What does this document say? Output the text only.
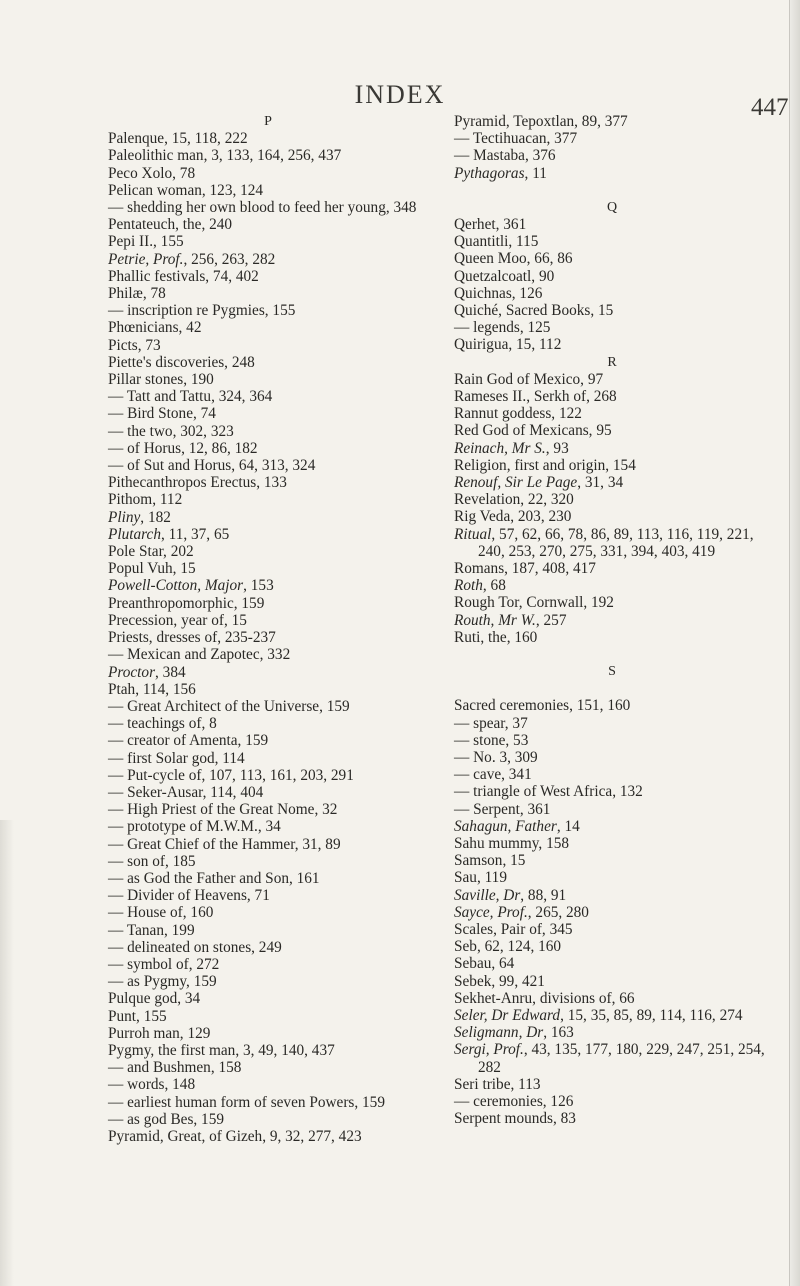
INDEX	447
P
Palenque, 15, 118, 222
Paleolithic man, 3, 133, 164, 256, 437
Peco Xolo, 78
Pelican woman, 123, 124
— shedding her own blood to feed her young, 348
Pentateuch, the, 240
Pepi II., 155
Petrie, Prof., 256, 263, 282
Phallic festivals, 74, 402
Philæ, 78
— inscription re Pygmies, 155
Phœnicians, 42
Picts, 73
Piette's discoveries, 248
Pillar stones, 190
— Tatt and Tattu, 324, 364
— Bird Stone, 74
— the two, 302, 323
— of Horus, 12, 86, 182
— of Sut and Horus, 64, 313, 324
Pithecanthropos Erectus, 133
Pithom, 112
Pliny, 182
Plutarch, 11, 37, 65
Pole Star, 202
Popul Vuh, 15
Powell-Cotton, Major, 153
Preanthropomorphic, 159
Precession, year of, 15
Priests, dresses of, 235-237
— Mexican and Zapotec, 332
Proctor, 384
Ptah, 114, 156
— Great Architect of the Universe, 159
— teachings of, 8
— creator of Amenta, 159
— first Solar god, 114
— Put-cycle of, 107, 113, 161, 203, 291
— Seker-Ausar, 114, 404
— High Priest of the Great Nome, 32
— prototype of M.W.M., 34
— Great Chief of the Hammer, 31, 89
— son of, 185
— as God the Father and Son, 161
— Divider of Heavens, 71
— House of, 160
— Tanan, 199
— delineated on stones, 249
— symbol of, 272
— as Pygmy, 159
Pulque god, 34
Punt, 155
Purroh man, 129
Pygmy, the first man, 3, 49, 140, 437
— and Bushmen, 158
— words, 148
— earliest human form of seven Powers, 159
— as god Bes, 159
Pyramid, Great, of Gizeh, 9, 32, 277, 423
Pyramid, Tepoxtlan, 89, 377
— Tectihuacan, 377
— Mastaba, 376
Pythagoras, 11
Q
Qerhet, 361
Quantitli, 115
Queen Moo, 66, 86
Quetzalcoatl, 90
Quichnas, 126
Quiché, Sacred Books, 15
— legends, 125
Quirigua, 15, 112
R
Rain God of Mexico, 97
Rameses II., Serkh of, 268
Rannut goddess, 122
Red God of Mexicans, 95
Reinach, Mr S., 93
Religion, first and origin, 154
Renouf, Sir Le Page, 31, 34
Revelation, 22, 320
Rig Veda, 203, 230
Ritual, 57, 62, 66, 78, 86, 89, 113, 116, 119, 221, 240, 253, 270, 275, 331, 394, 403, 419
Romans, 187, 408, 417
Roth, 68
Rough Tor, Cornwall, 192
Routh, Mr W., 257
Ruti, the, 160
S
Sacred ceremonies, 151, 160
— spear, 37
— stone, 53
— No. 3, 309
— cave, 341
— triangle of West Africa, 132
— Serpent, 361
Sahagun, Father, 14
Sahu mummy, 158
Samson, 15
Sau, 119
Saville, Dr, 88, 91
Sayce, Prof., 265, 280
Scales, Pair of, 345
Seb, 62, 124, 160
Sebau, 64
Sebek, 99, 421
Sekhet-Anru, divisions of, 66
Seler, Dr Edward, 15, 35, 85, 89, 114, 116, 274
Seligmann, Dr, 163
Sergi, Prof., 43, 135, 177, 180, 229, 247, 251, 254, 282
Seri tribe, 113
— ceremonies, 126
Serpent mounds, 83
